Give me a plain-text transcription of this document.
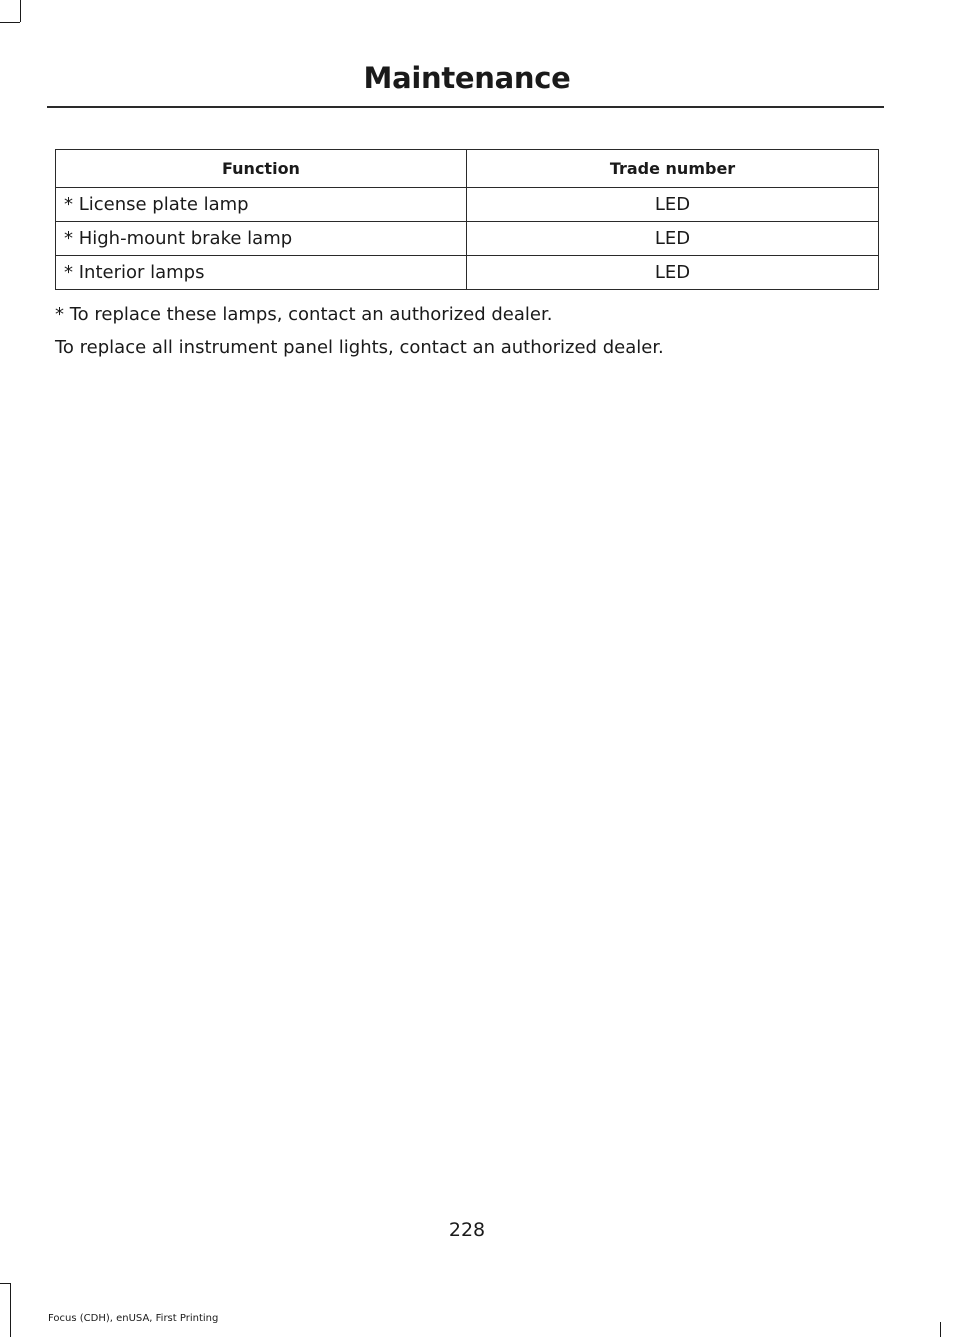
Maintenance
Function	Trade number
* License plate lamp	LED
* High-mount brake lamp	LED
* Interior lamps	LED

* To replace these lamps, contact an authorized dealer.

To replace all instrument panel lights, contact an authorized dealer.

228
Focus (CDH), enUSA, First Printing
